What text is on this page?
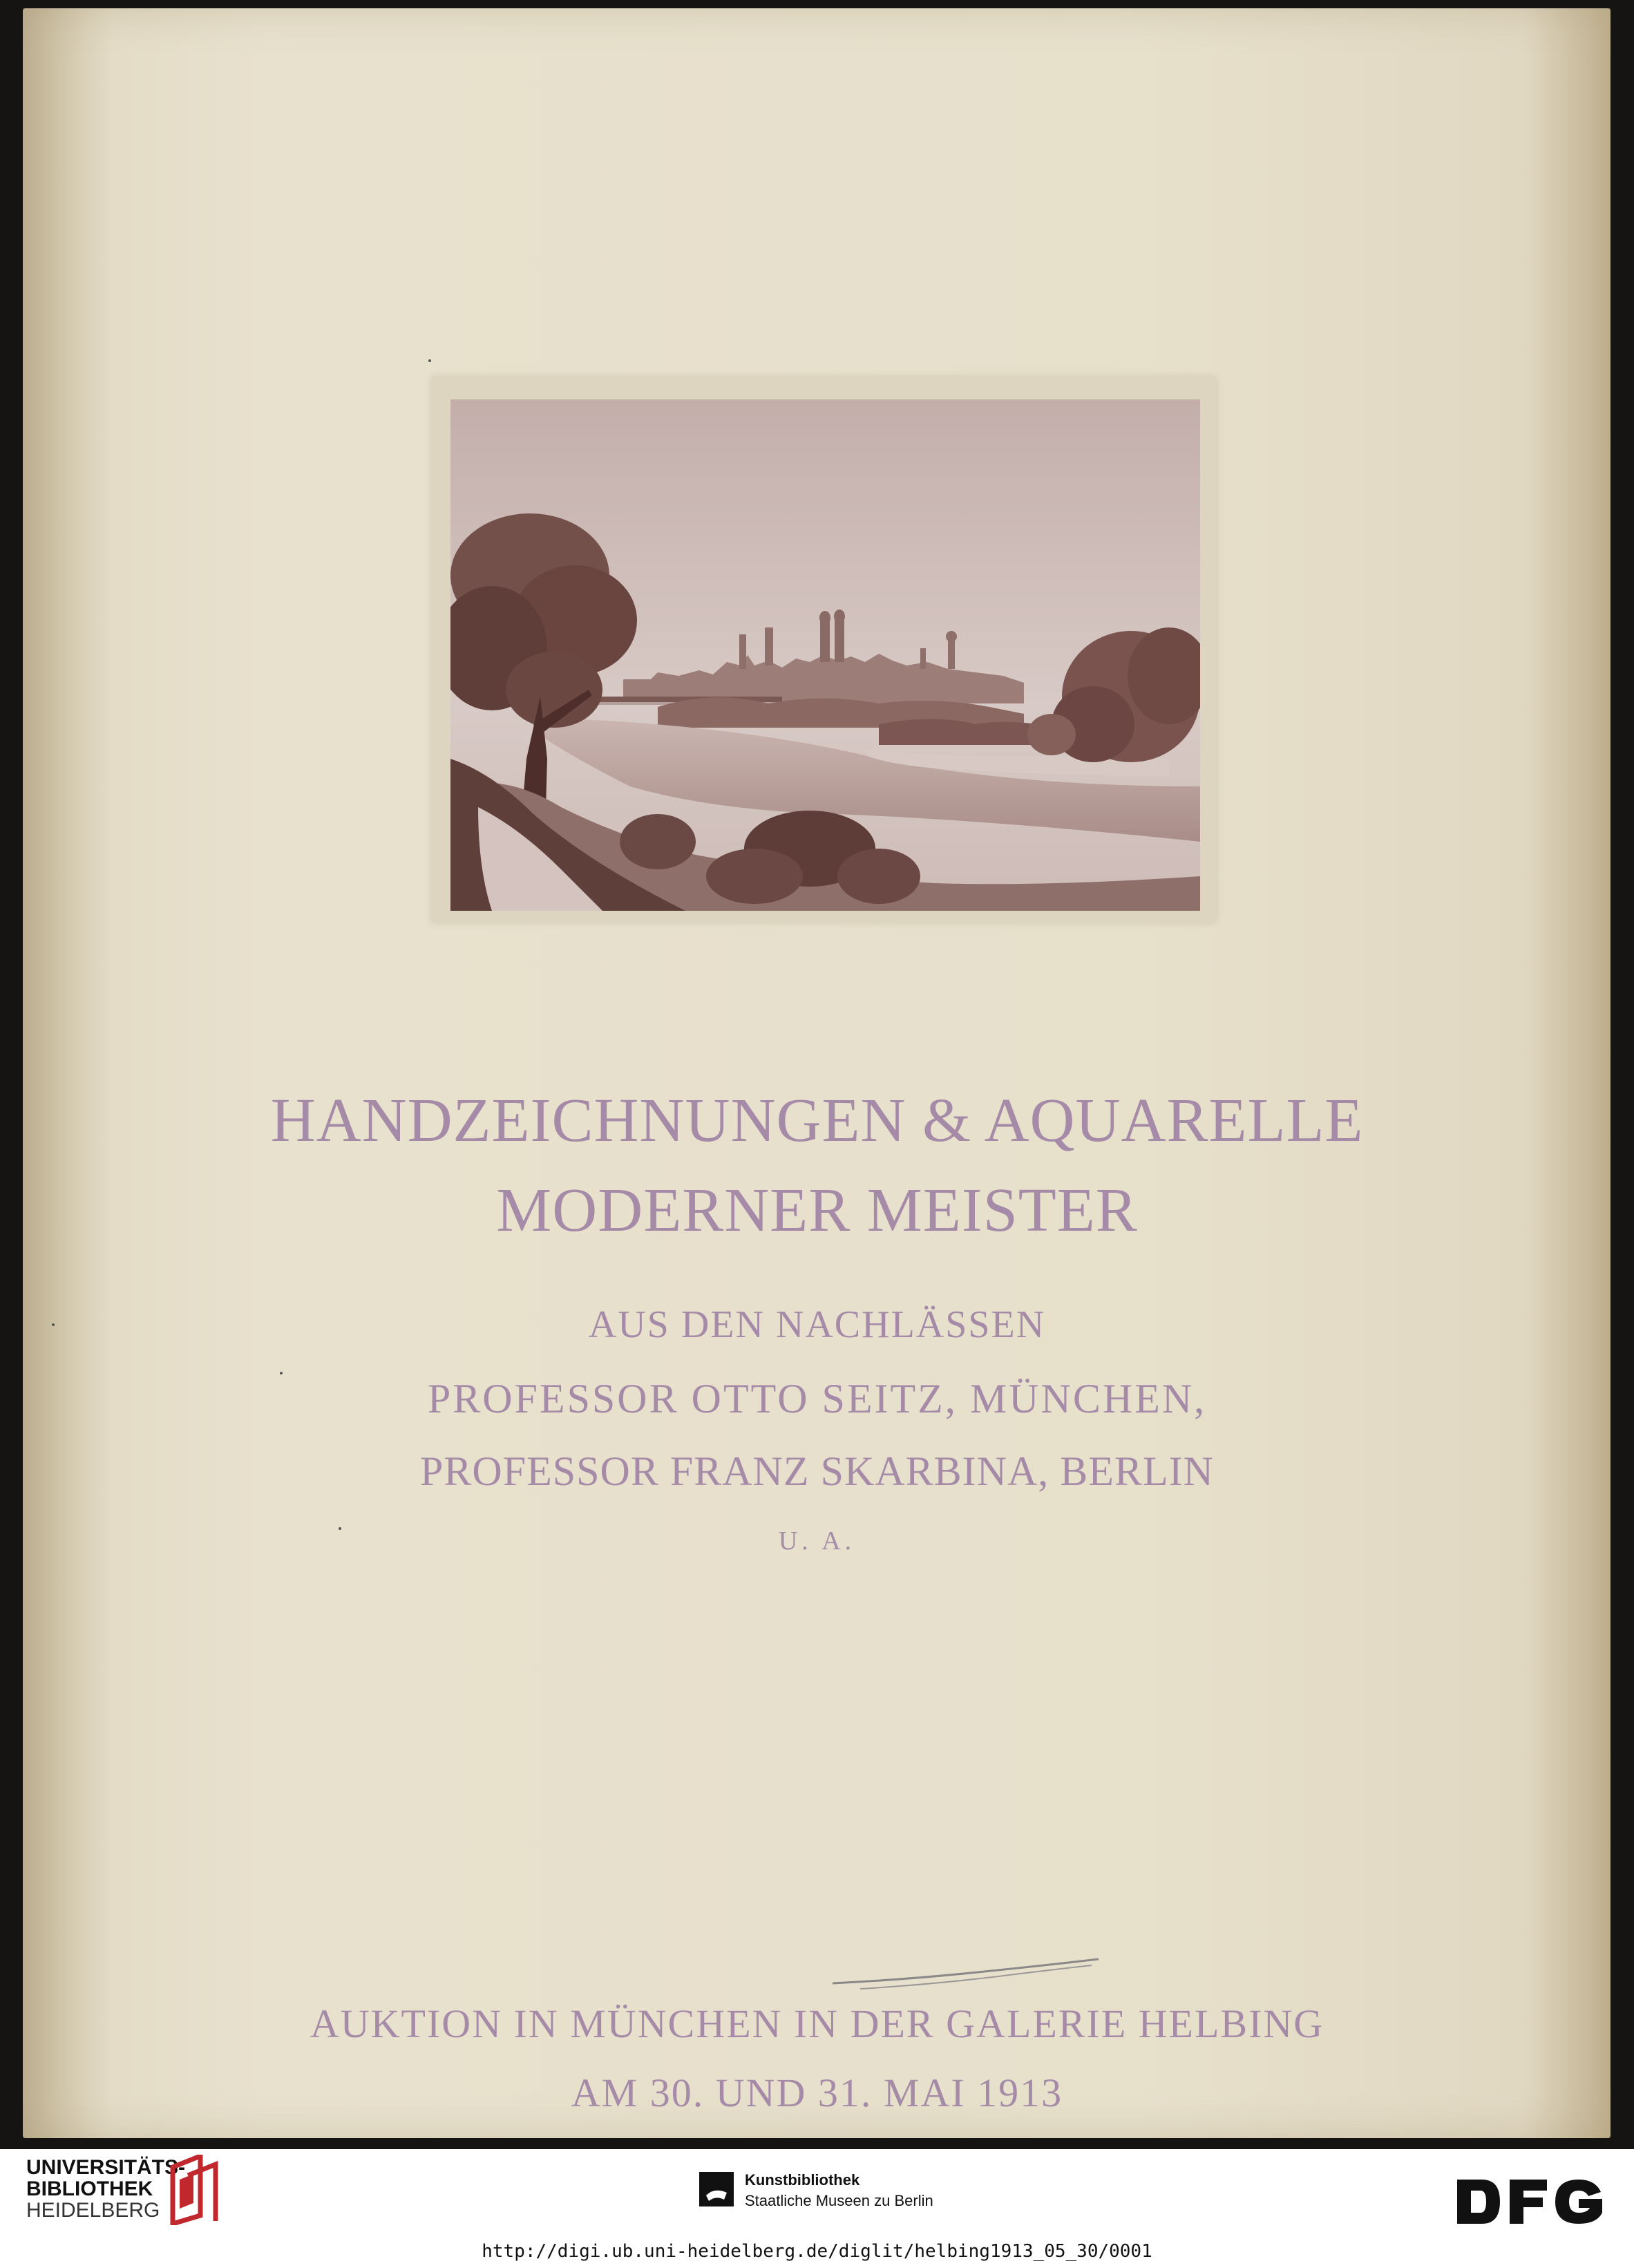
HANDZEICHNUNGEN & AQUARELLE

MODERNER MEISTER

AUS DEN NACHLÄSSEN

PROFESSOR OTTO SEITZ, MÜNCHEN,

PROFESSOR FRANZ SKARBINA, BERLIN

U. A.

AUKTION IN MÜNCHEN IN DER GALERIE HELBING

AM 30. UND 31. MAI 1913

UNIVERSITÄTS-

BIBLIOTHEK

HEIDELBERG

Kunstbibliothek

Staatliche Museen zu Berlin

http://digi.ub.uni-heidelberg.de/diglit/helbing1913_05_30/0001
